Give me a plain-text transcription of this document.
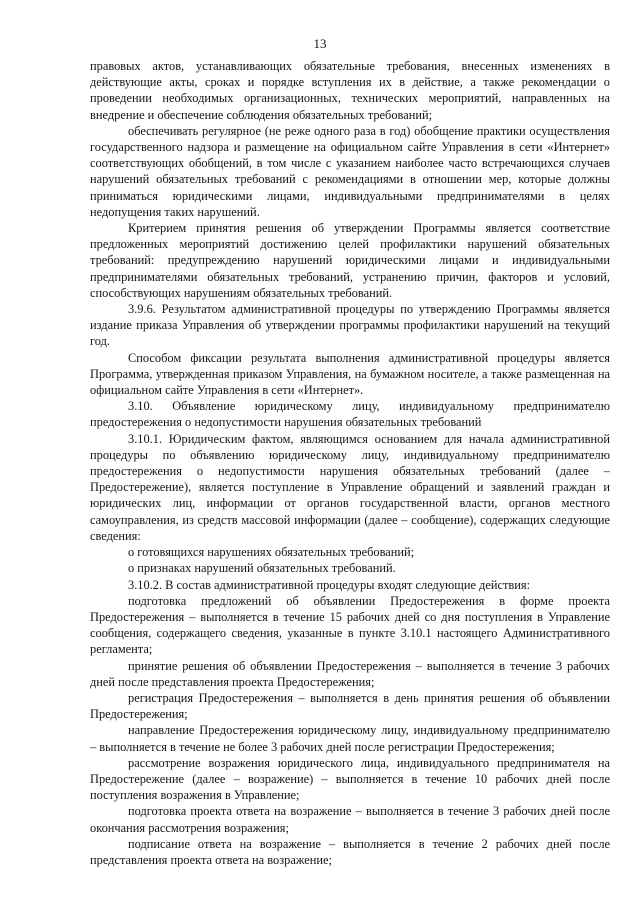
13

правовых актов, устанавливающих обязательные требования, внесенных изменениях в действующие акты, сроках и порядке вступления их в действие, а также рекомендации о проведении необходимых организационных, технических мероприятий, направленных на внедрение и обеспечение соблюдения обязательных требований;

обеспечивать регулярное (не реже одного раза в год) обобщение практики осуществления государственного надзора и размещение на официальном сайте Управления в сети «Интернет» соответствующих обобщений, в том числе с указанием наиболее часто встречающихся случаев нарушений обязательных требований с рекомендациями в отношении мер, которые должны приниматься юридическими лицами, индивидуальными предпринимателями в целях недопущения таких нарушений.

Критерием принятия решения об утверждении Программы является соответствие предложенных мероприятий достижению целей профилактики нарушений обязательных требований: предупреждению нарушений юридическими лицами и индивидуальными предпринимателями обязательных требований, устранению причин, факторов и условий, способствующих нарушениям обязательных требований.

3.9.6. Результатом административной процедуры по утверждению Программы является издание приказа Управления об утверждении программы профилактики нарушений на текущий год.

Способом фиксации результата выполнения административной процедуры является Программа, утвержденная приказом Управления, на бумажном носителе, а также размещенная на официальном сайте Управления в сети «Интернет».

3.10. Объявление юридическому лицу, индивидуальному предпринимателю предостережения о недопустимости нарушения обязательных требований

3.10.1. Юридическим фактом, являющимся основанием для начала административной процедуры по объявлению юридическому лицу, индивидуальному предпринимателю предостережения о недопустимости нарушения обязательных требований (далее – Предостережение), является поступление в Управление обращений и заявлений граждан и юридических лиц, информации от органов государственной власти, органов местного самоуправления, из средств массовой информации (далее – сообщение), содержащих следующие сведения:

о готовящихся нарушениях обязательных требований;

о признаках нарушений обязательных требований.

3.10.2. В состав административной процедуры входят следующие действия:

подготовка предложений об объявлении Предостережения в форме проекта Предостережения – выполняется в течение 15 рабочих дней со дня поступления в Управление сообщения, содержащего сведения, указанные в пункте 3.10.1 настоящего Административного регламента;

принятие решения об объявлении Предостережения – выполняется в течение 3 рабочих дней после представления проекта Предостережения;

регистрация Предостережения – выполняется в день принятия решения об объявлении Предостережения;

направление Предостережения юридическому лицу, индивидуальному предпринимателю – выполняется в течение не более 3 рабочих дней после регистрации Предостережения;

рассмотрение возражения юридического лица, индивидуального предпринимателя на Предостережение (далее – возражение) – выполняется в течение 10 рабочих дней после поступления возражения в Управление;

подготовка проекта ответа на возражение – выполняется в течение 3 рабочих дней после окончания рассмотрения возражения;

подписание ответа на возражение – выполняется в течение 2 рабочих дней после представления проекта ответа на возражение;
